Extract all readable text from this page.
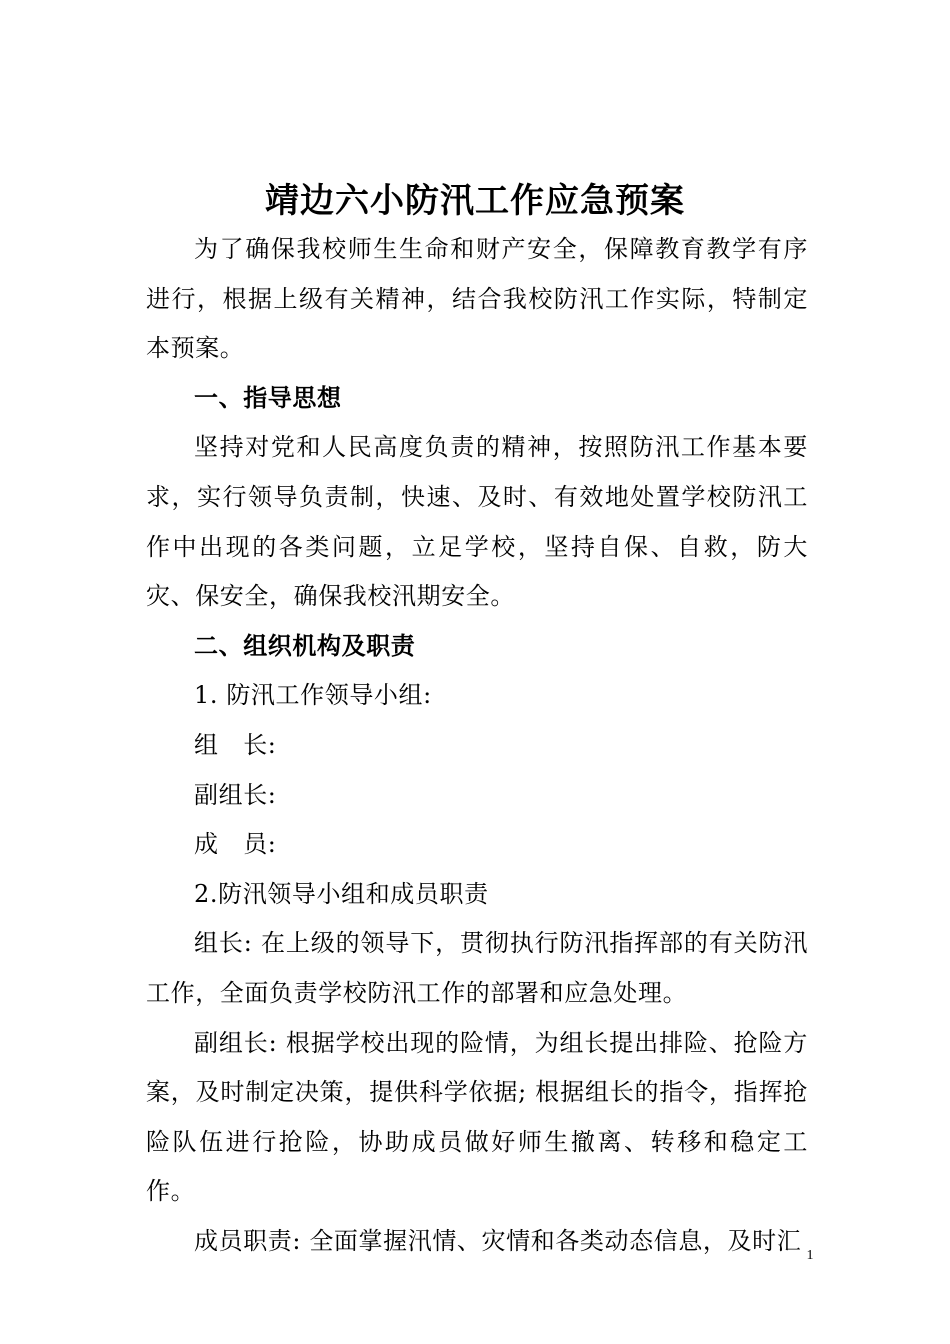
靖边六小防汛工作应急预案

为了确保我校师生生命和财产安全，保障教育教学有序进行，根据上级有关精神，结合我校防汛工作实际，特制定本预案。

一、指导思想

坚持对党和人民高度负责的精神，按照防汛工作基本要求，实行领导负责制，快速、及时、有效地处置学校防汛工作中出现的各类问题，立足学校，坚持自保、自救，防大灾、保安全，确保我校汛期安全。

二、组织机构及职责

1. 防汛工作领导小组:

组　长:

副组长:

成　员:

2.防汛领导小组和成员职责

组长: 在上级的领导下，贯彻执行防汛指挥部的有关防汛工作，全面负责学校防汛工作的部署和应急处理。

副组长: 根据学校出现的险情，为组长提出排险、抢险方案，及时制定决策，提供科学依据; 根据组长的指令，指挥抢险队伍进行抢险，协助成员做好师生撤离、转移和稳定工作。

成员职责: 全面掌握汛情、灾情和各类动态信息，及时汇

1
